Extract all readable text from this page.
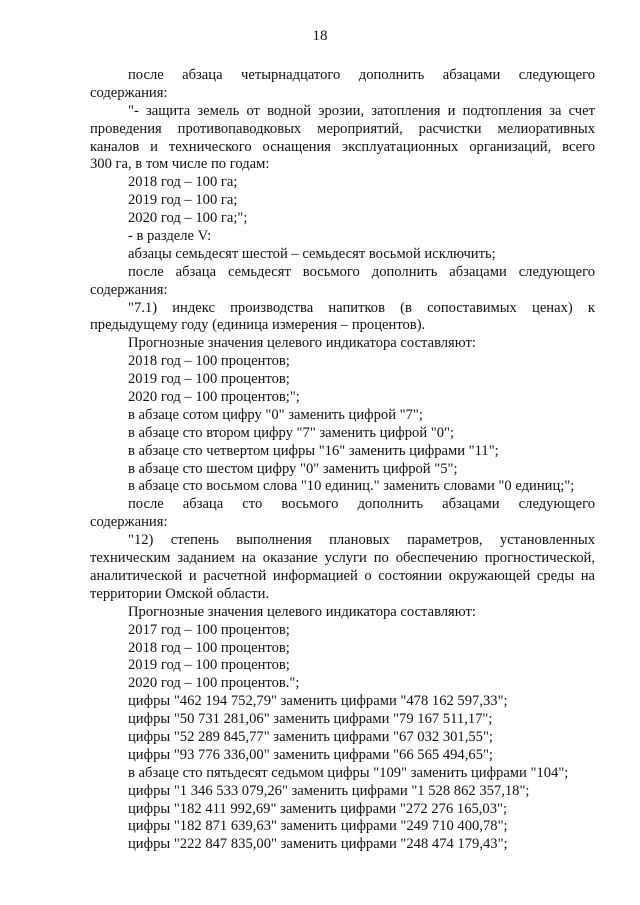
18
после абзаца четырнадцатого дополнить абзацами следующего
содержания:
"- защита земель от водной эрозии, затопления и подтопления за счет
проведения противопаводковых мероприятий, расчистки мелиоративных
каналов и технического оснащения эксплуатационных организаций, всего
300 га, в том числе по годам:
2018 год – 100 га;
2019 год – 100 га;
2020 год – 100 га;";
- в разделе V:
абзацы семьдесят шестой – семьдесят восьмой исключить;
после абзаца семьдесят восьмого дополнить абзацами следующего
содержания:
"7.1) индекс производства напитков (в сопоставимых ценах) к
предыдущему году (единица измерения – процентов).
Прогнозные значения целевого индикатора составляют:
2018 год – 100 процентов;
2019 год – 100 процентов;
2020 год – 100 процентов;";
в абзаце сотом цифру "0" заменить цифрой "7";
в абзаце сто втором цифру "7" заменить цифрой "0";
в абзаце сто четвертом цифры "16" заменить цифрами "11";
в абзаце сто шестом цифру "0" заменить цифрой "5";
в абзаце сто восьмом слова "10 единиц." заменить словами "0 единиц;";
после абзаца сто восьмого дополнить абзацами следующего
содержания:
"12) степень выполнения плановых параметров, установленных
техническим заданием на оказание услуги по обеспечению прогностической,
аналитической и расчетной информацией о состоянии окружающей среды на
территории Омской области.
Прогнозные значения целевого индикатора составляют:
2017 год – 100 процентов;
2018 год – 100 процентов;
2019 год – 100 процентов;
2020 год – 100 процентов.";
цифры "462 194 752,79" заменить цифрами "478 162 597,33";
цифры "50 731 281,06" заменить цифрами "79 167 511,17";
цифры "52 289 845,77" заменить цифрами "67 032 301,55";
цифры "93 776 336,00" заменить цифрами "66 565 494,65";
в абзаце сто пятьдесят седьмом цифры "109" заменить цифрами "104";
цифры "1 346 533 079,26" заменить цифрами "1 528 862 357,18";
цифры "182 411 992,69" заменить цифрами "272 276 165,03";
цифры "182 871 639,63" заменить цифрами "249 710 400,78";
цифры "222 847 835,00" заменить цифрами "248 474 179,43";
